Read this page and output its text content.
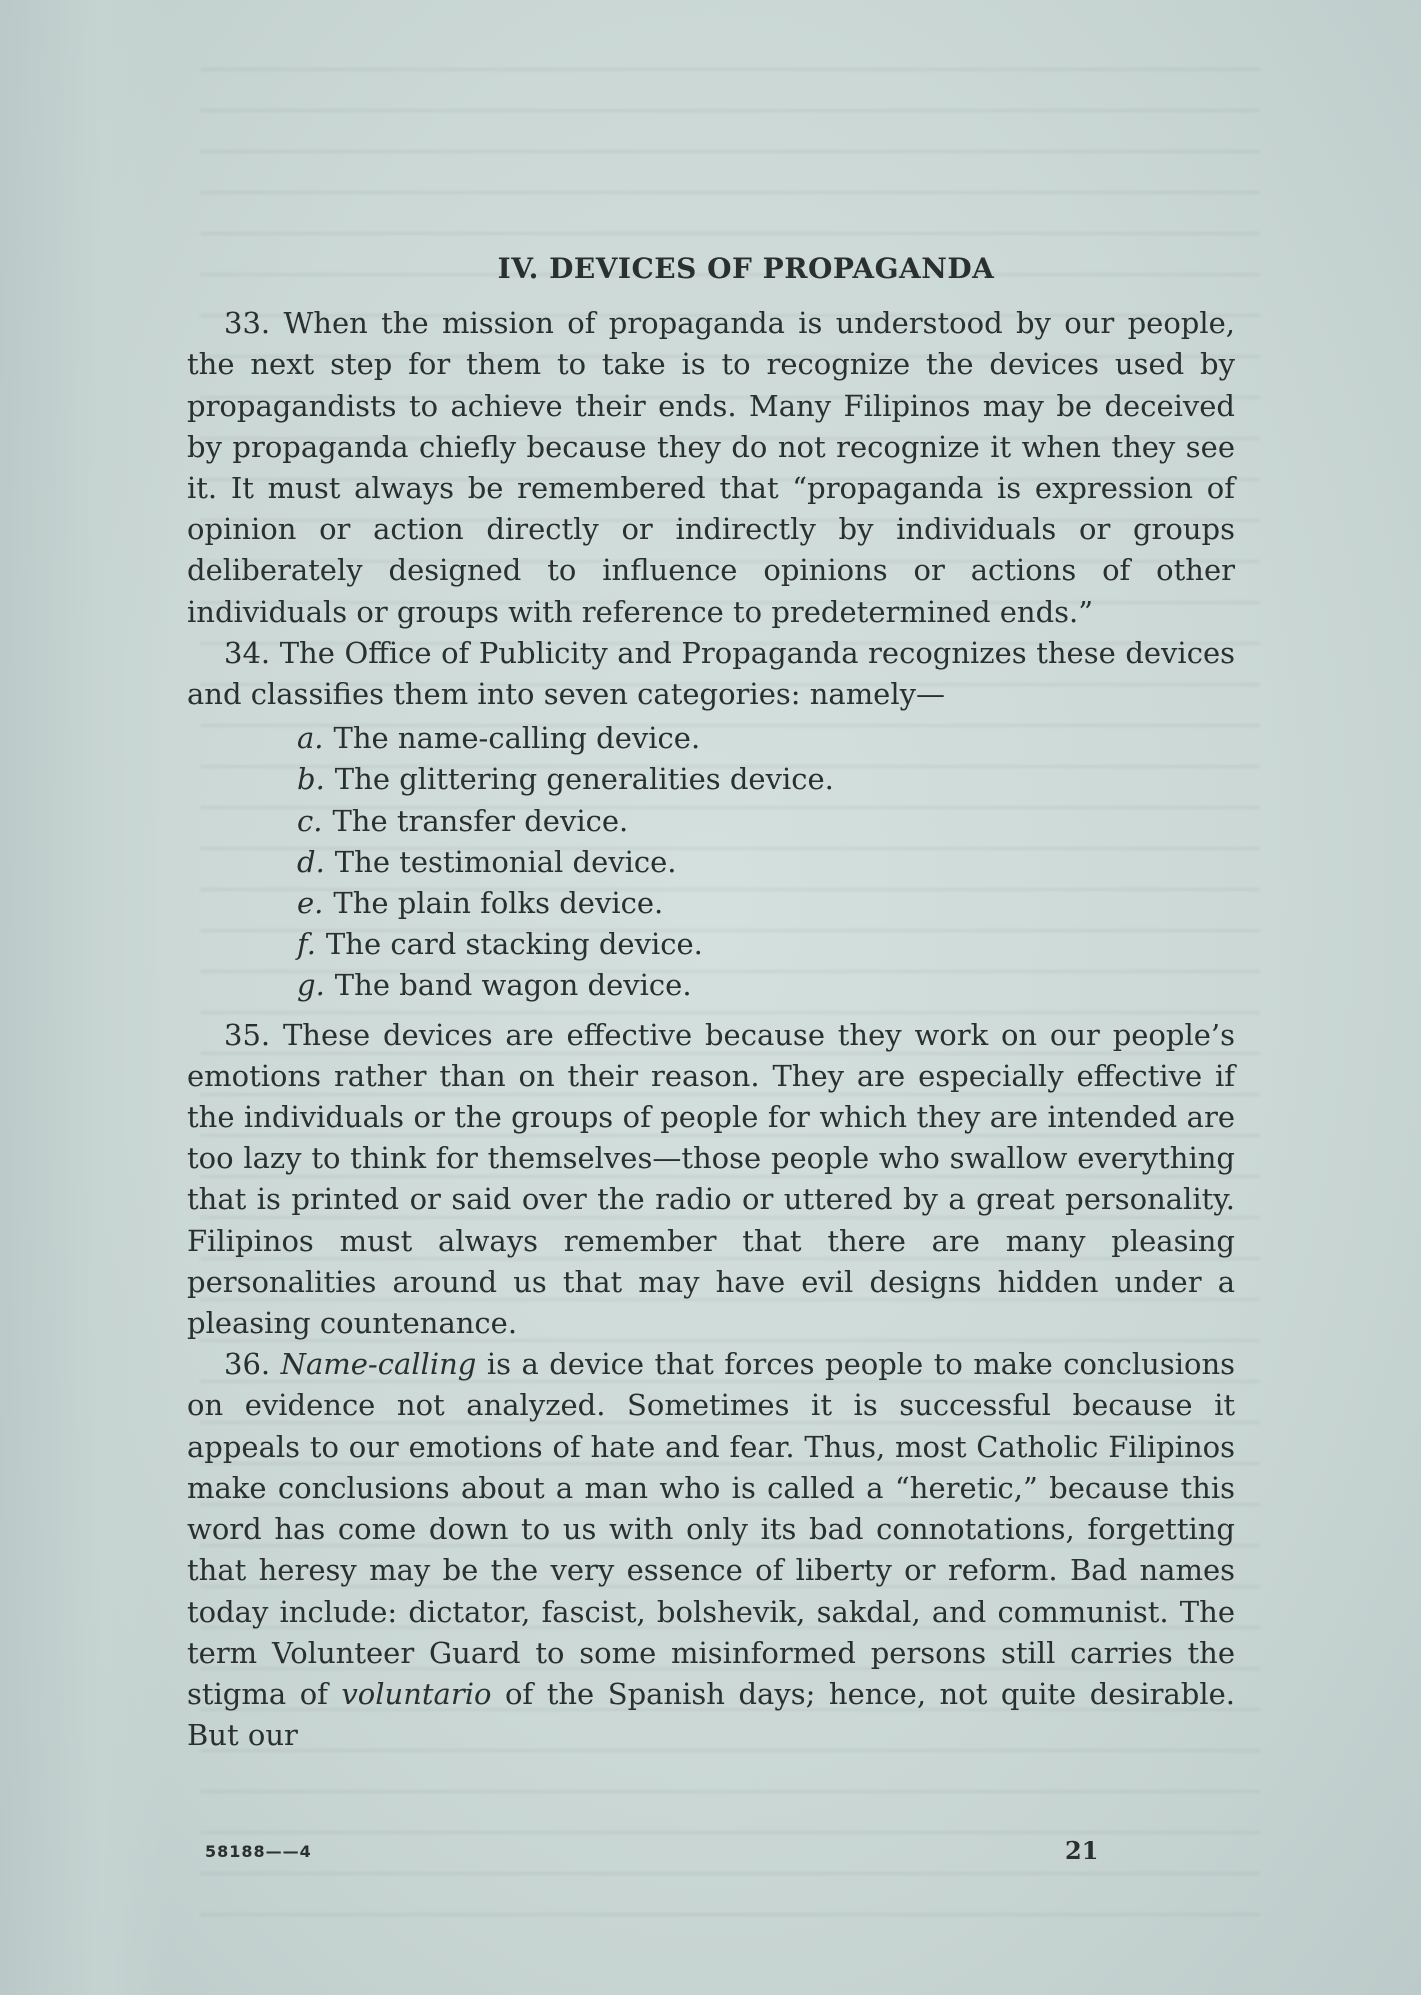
IV. DEVICES OF PROPAGANDA

33. When the mission of propaganda is understood by our people, the next step for them to take is to recognize the devices used by propagandists to achieve their ends. Many Filipinos may be deceived by propaganda chiefly because they do not recognize it when they see it. It must always be remembered that “propaganda is expression of opinion or action directly or indirectly by individuals or groups deliberately designed to influence opinions or actions of other individuals or groups with reference to predetermined ends.”

34. The Office of Publicity and Propaganda recognizes these devices and classifies them into seven categories: namely—

a. The name-calling device.
b. The glittering generalities device.
c. The transfer device.
d. The testimonial device.
e. The plain folks device.
f. The card stacking device.
g. The band wagon device.

35. These devices are effective because they work on our people’s emotions rather than on their reason. They are especially effective if the individuals or the groups of people for which they are intended are too lazy to think for themselves—those people who swallow everything that is printed or said over the radio or uttered by a great personality. Filipinos must always remember that there are many pleasing personalities around us that may have evil designs hidden under a pleasing countenance.

36. Name-calling is a device that forces people to make conclusions on evidence not analyzed. Sometimes it is successful because it appeals to our emotions of hate and fear. Thus, most Catholic Filipinos make conclusions about a man who is called a “heretic,” because this word has come down to us with only its bad connotations, forgetting that heresy may be the very essence of liberty or reform. Bad names today include: dictator, fascist, bolshevik, sakdal, and communist. The term Volunteer Guard to some misinformed persons still carries the stigma of voluntario of the Spanish days; hence, not quite desirable. But our

58188——4	21
